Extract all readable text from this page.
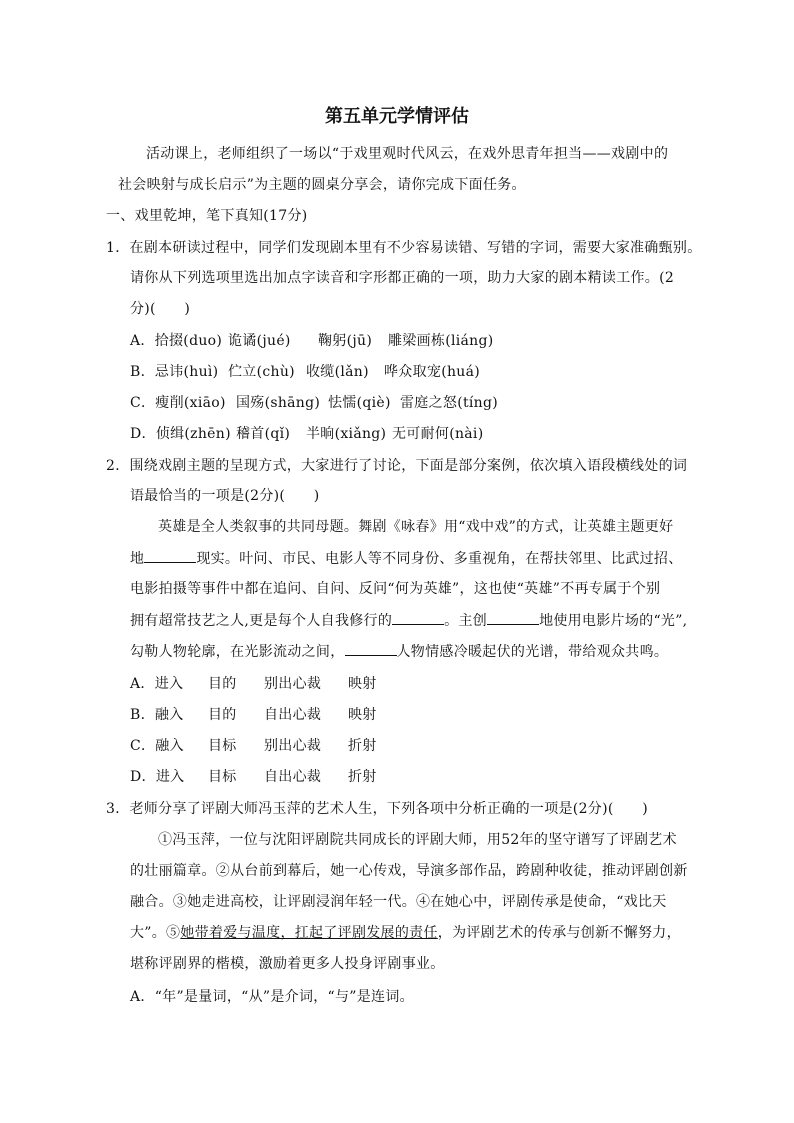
第五单元学情评估
活动课上，老师组织了一场以“于戏里观时代风云，在戏外思青年担当——戏剧中的
社会映射与成长启示”为主题的圆桌分享会，请你完成下面任务。
一、戏里乾坤，笔下真知(17分)
1．在剧本研读过程中，同学们发现剧本里有不少容易读错、写错的字词，需要大家准确甄别。
请你从下列选项里选出加点字读音和字形都正确的一项，助力大家的剧本精读工作。(2
分)(　　)
A．拾掇(duo) 诡谲(jué) 鞠躬(jū) 雕梁画栋(liáng)
B．忌讳(huì) 伫立(chù) 收缆(lǎn) 哗众取宠(huá)
C．瘦削(xiāo) 国殇(shāng) 怯懦(qiè) 雷庭之怒(tíng)
D．侦缉(zhēn) 稽首(qǐ) 半晌(xiǎng) 无可耐何(nài)
2．围绕戏剧主题的呈现方式，大家进行了讨论，下面是部分案例，依次填入语段横线处的词
语最恰当的一项是(2分)(　　)
英雄是全人类叙事的共同母题。舞剧《咏春》用“戏中戏”的方式，让英雄主题更好
地	现实。叶问、市民、电影人等不同身份、多重视角，在帮扶邻里、比武过招、
电影拍摄等事件中都在追问、自问、反问“何为英雄”，这也使“英雄”不再专属于个别
拥有超常技艺之人,更是每个人自我修行的	。主创	地使用电影片场的“光”,
勾勒人物轮廓，在光影流动之间，	人物情感冷暖起伏的光谱，带给观众共鸣。
A．进入 目的 别出心裁 映射
B．融入 目的 自出心裁 映射
C．融入 目标 别出心裁 折射
D．进入 目标 自出心裁 折射
3．老师分享了评剧大师冯玉萍的艺术人生，下列各项中分析正确的一项是(2分)(　　)
①冯玉萍，一位与沈阳评剧院共同成长的评剧大师，用52年的坚守谱写了评剧艺术
的壮丽篇章。②从台前到幕后，她一心传戏，导演多部作品，跨剧种收徒，推动评剧创新
融合。③她走进高校，让评剧浸润年轻一代。④在她心中，评剧传承是使命，“戏比天
大”。⑤她带着爱与温度，扛起了评剧发展的责任，为评剧艺术的传承与创新不懈努力，
堪称评剧界的楷模，激励着更多人投身评剧事业。
A．“年”是量词，“从”是介词，“与”是连词。
